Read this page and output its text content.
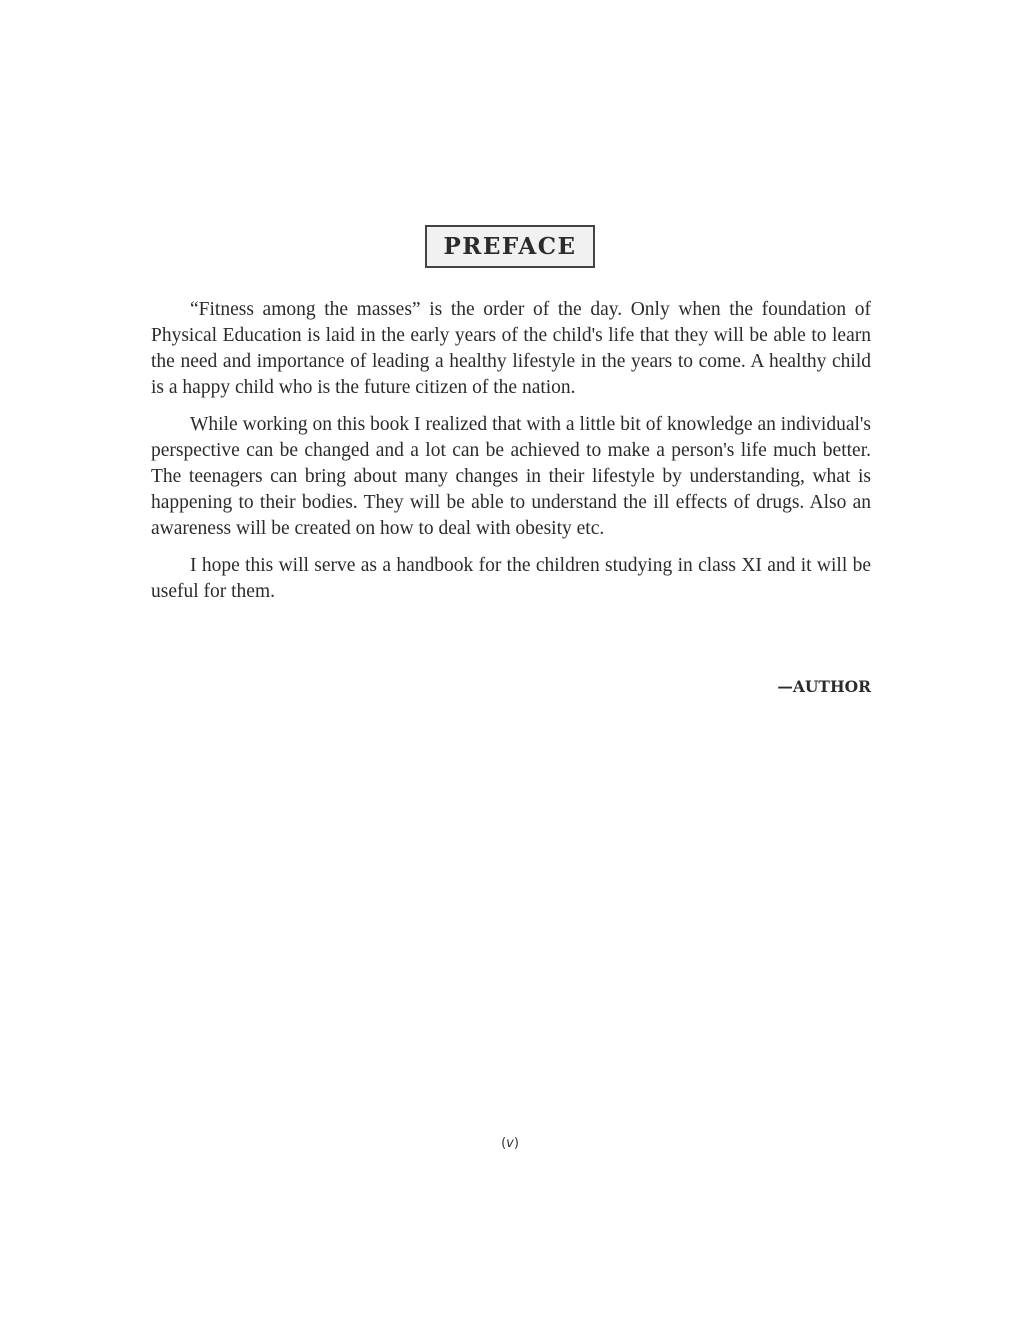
PREFACE

“Fitness among the masses” is the order of the day. Only when the foundation of Physical Education is laid in the early years of the child's life that they will be able to learn the need and importance of leading a healthy lifestyle in the years to come. A healthy child is a happy child who is the future citizen of the nation.

While working on this book I realized that with a little bit of knowledge an individual's perspective can be changed and a lot can be achieved to make a person's life much better. The teenagers can bring about many changes in their lifestyle by understanding, what is happening to their bodies. They will be able to understand the ill effects of drugs. Also an awareness will be created on how to deal with obesity etc.

I hope this will serve as a handbook for the children studying in class XI and it will be useful for them.

—AUTHOR
(v)
